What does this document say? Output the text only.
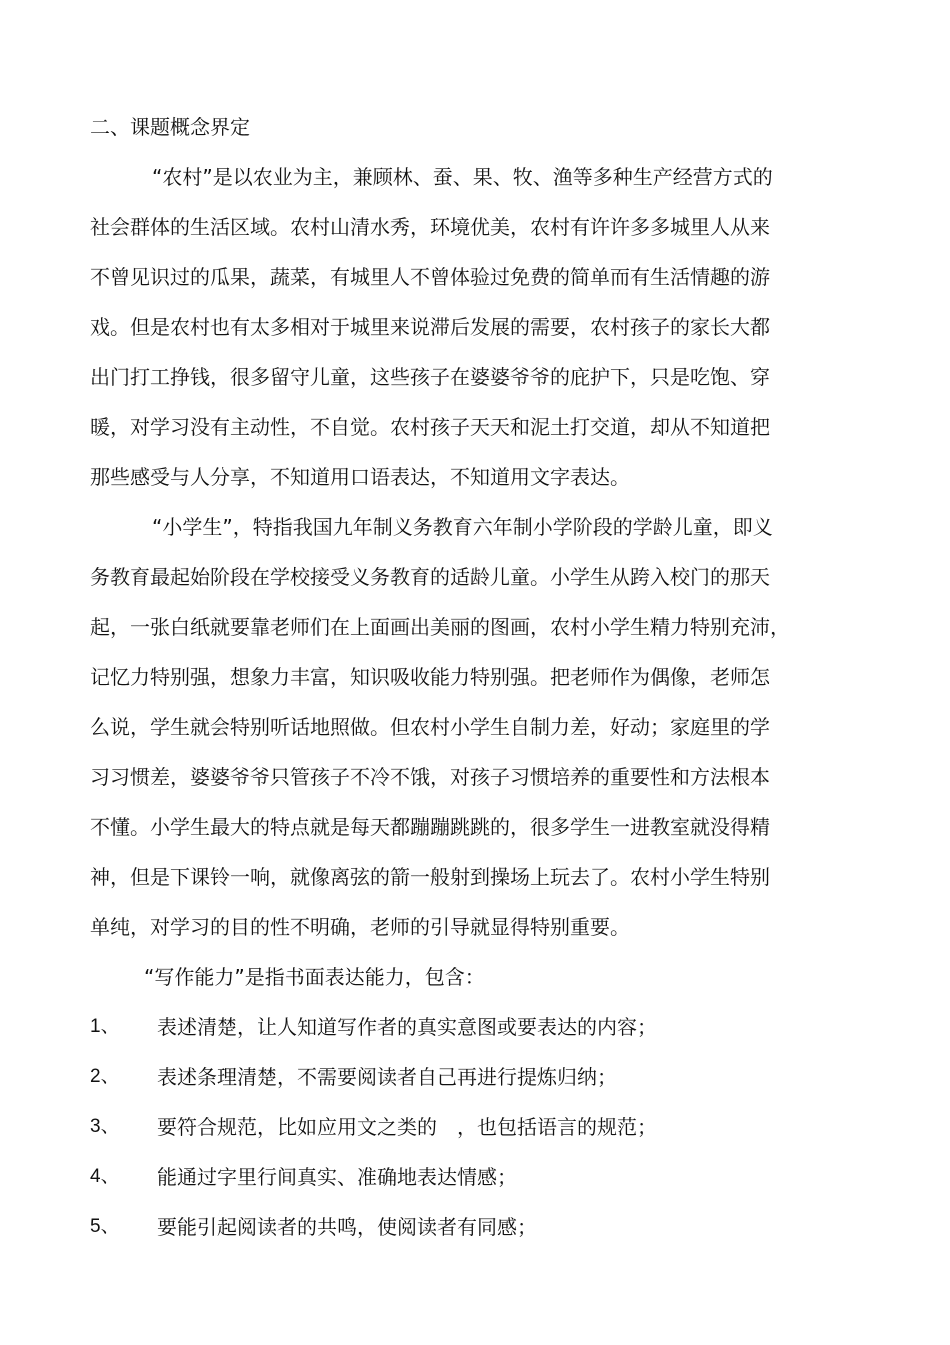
二、课题概念界定
“农村”是以农业为主，兼顾林、蚕、果、牧、渔等多种生产经营方式的
社会群体的生活区域。农村山清水秀，环境优美，农村有许许多多城里人从来
不曾见识过的瓜果，蔬菜，有城里人不曾体验过免费的简单而有生活情趣的游
戏。但是农村也有太多相对于城里来说滞后发展的需要，农村孩子的家长大都
出门打工挣钱，很多留守儿童，这些孩子在婆婆爷爷的庇护下，只是吃饱、穿
暖，对学习没有主动性，不自觉。农村孩子天天和泥土打交道，却从不知道把
那些感受与人分享，不知道用口语表达，不知道用文字表达。
“小学生”，特指我国九年制义务教育六年制小学阶段的学龄儿童，即义
务教育最起始阶段在学校接受义务教育的适龄儿童。小学生从跨入校门的那天
起，一张白纸就要靠老师们在上面画出美丽的图画，农村小学生精力特别充沛，
记忆力特别强，想象力丰富，知识吸收能力特别强。把老师作为偶像，老师怎
么说，学生就会特别听话地照做。但农村小学生自制力差，好动；家庭里的学
习习惯差，婆婆爷爷只管孩子不冷不饿，对孩子习惯培养的重要性和方法根本
不懂。小学生最大的特点就是每天都蹦蹦跳跳的，很多学生一进教室就没得精
神，但是下课铃一响，就像离弦的箭一般射到操场上玩去了。农村小学生特别
单纯，对学习的目的性不明确，老师的引导就显得特别重要。
“写作能力”是指书面表达能力，包含：
1、 表述清楚，让人知道写作者的真实意图或要表达的内容；
2、 表述条理清楚，不需要阅读者自己再进行提炼归纳；
3、 要符合规范，比如应用文之类的　，也包括语言的规范；
4、 能通过字里行间真实、准确地表达情感；
5、 要能引起阅读者的共鸣，使阅读者有同感；
